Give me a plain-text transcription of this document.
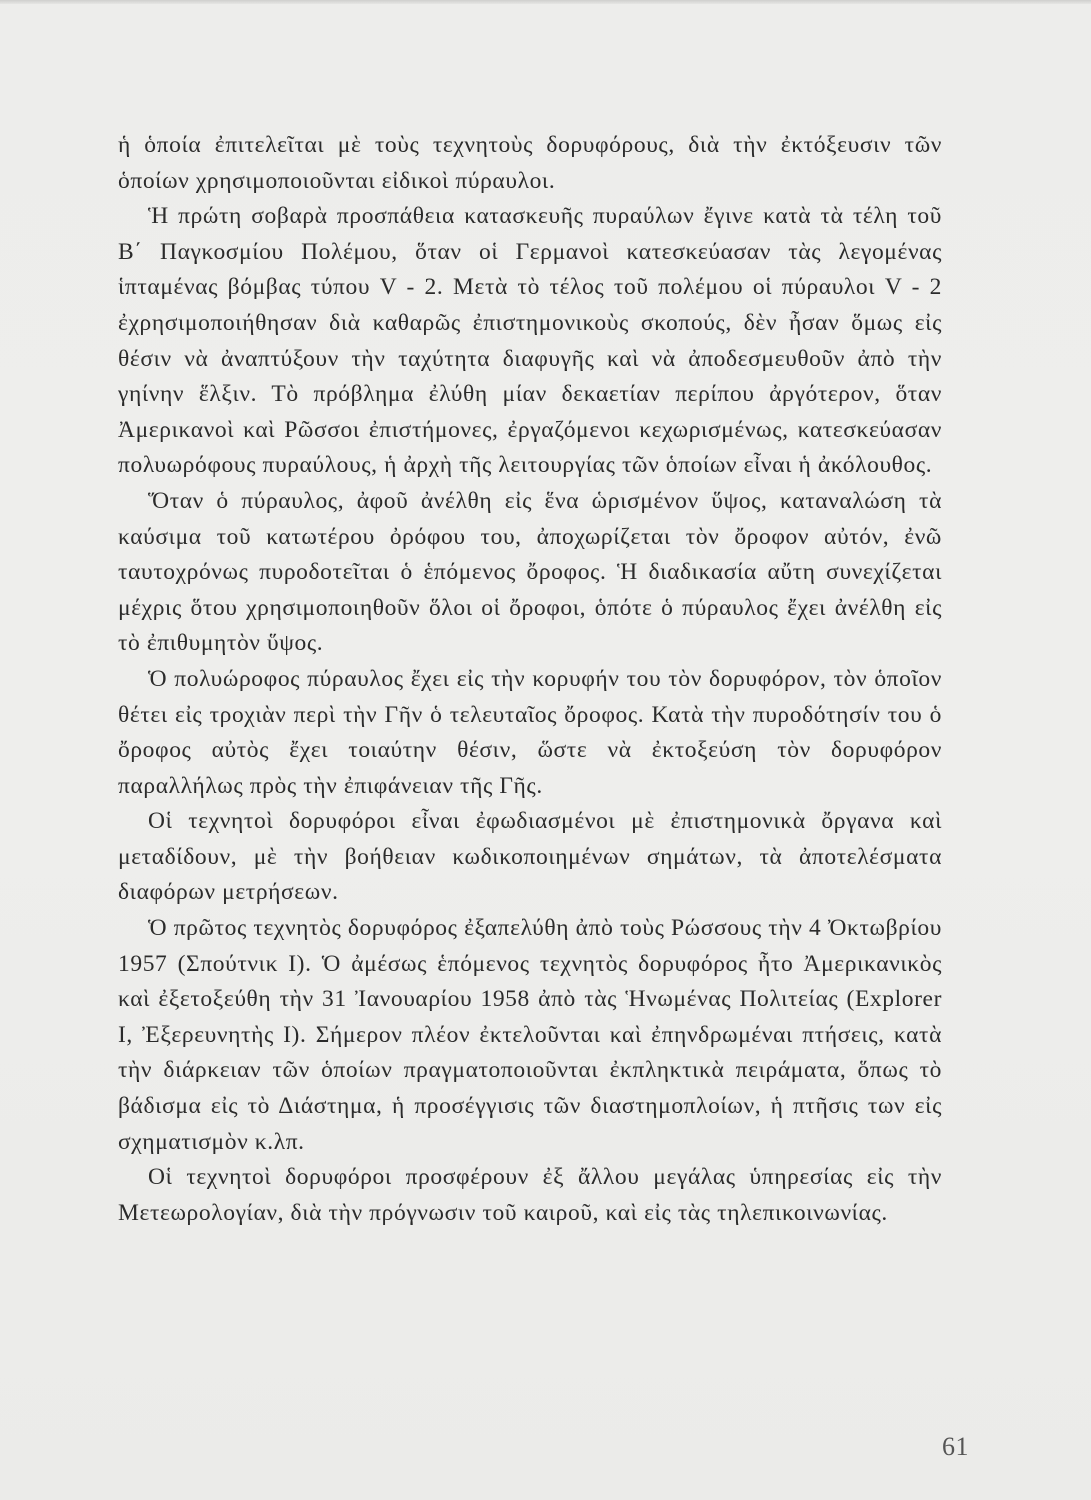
ἡ ὁποία ἐπιτελεῖται μὲ τοὺς τεχνητοὺς δορυφόρους, διὰ τὴν ἐκτόξευσιν τῶν ὁποίων χρησιμοποιοῦνται εἰδικοὶ πύραυλοι.

Ἡ πρώτη σοβαρὰ προσπάθεια κατασκευῆς πυραύλων ἔγινε κατὰ τὰ τέλη τοῦ Β΄ Παγκοσμίου Πολέμου, ὅταν οἱ Γερμανοὶ κατεσκεύασαν τὰς λεγομένας ἱπταμένας βόμβας τύπου V - 2. Μετὰ τὸ τέλος τοῦ πολέμου οἱ πύραυλοι V - 2 ἐχρησιμοποιήθησαν διὰ καθαρῶς ἐπιστημονικοὺς σκοπούς, δὲν ἦσαν ὅμως εἰς θέσιν νὰ ἀναπτύξουν τὴν ταχύτητα διαφυγῆς καὶ νὰ ἀποδεσμευθοῦν ἀπὸ τὴν γηίνην ἕλξιν. Τὸ πρόβλημα ἐλύθη μίαν δεκαετίαν περίπου ἀργότερον, ὅταν Ἀμερικανοὶ καὶ Ρῶσσοι ἐπιστήμονες, ἐργαζόμενοι κεχωρισμένως, κατεσκεύασαν πολυωρόφους πυραύλους, ἡ ἀρχὴ τῆς λειτουργίας τῶν ὁποίων εἶναι ἡ ἀκόλουθος.

Ὅταν ὁ πύραυλος, ἀφοῦ ἀνέλθη εἰς ἕνα ὡρισμένον ὕψος, καταναλώση τὰ καύσιμα τοῦ κατωτέρου ὀρόφου του, ἀποχωρίζεται τὸν ὄροφον αὐτόν, ἐνῶ ταυτοχρόνως πυροδοτεῖται ὁ ἑπόμενος ὄροφος. Ἡ διαδικασία αὔτη συνεχίζεται μέχρις ὅτου χρησιμοποιηθοῦν ὅλοι οἱ ὄροφοι, ὁπότε ὁ πύραυλος ἔχει ἀνέλθη εἰς τὸ ἐπιθυμητὸν ὕψος.

Ὁ πολυώροφος πύραυλος ἔχει εἰς τὴν κορυφήν του τὸν δορυφόρον, τὸν ὁποῖον θέτει εἰς τροχιὰν περὶ τὴν Γῆν ὁ τελευταῖος ὄροφος. Κατὰ τὴν πυροδότησίν του ὁ ὄροφος αὐτὸς ἔχει τοιαύτην θέσιν, ὥστε νὰ ἐκτοξεύση τὸν δορυφόρον παραλλήλως πρὸς τὴν ἐπιφάνειαν τῆς Γῆς.

Οἱ τεχνητοὶ δορυφόροι εἶναι ἐφωδιασμένοι μὲ ἐπιστημονικὰ ὄργανα καὶ μεταδίδουν, μὲ τὴν βοήθειαν κωδικοποιημένων σημάτων, τὰ ἀποτελέσματα διαφόρων μετρήσεων.

Ὁ πρῶτος τεχνητὸς δορυφόρος ἐξαπελύθη ἀπὸ τοὺς Ρώσσους τὴν 4 Ὀκτωβρίου 1957 (Σπούτνικ Ι). Ὁ ἀμέσως ἑπόμενος τεχνητὸς δορυφόρος ἦτο Ἀμερικανικὸς καὶ ἐξετοξεύθη τὴν 31 Ἰανουαρίου 1958 ἀπὸ τὰς Ἡνωμένας Πολιτείας (Explorer Ι, Ἐξερευνητὴς Ι). Σήμερον πλέον ἐκτελοῦνται καὶ ἐπηνδρωμέναι πτήσεις, κατὰ τὴν διάρκειαν τῶν ὁποίων πραγματοποιοῦνται ἐκπληκτικὰ πειράματα, ὅπως τὸ βάδισμα εἰς τὸ Διάστημα, ἡ προσέγγισις τῶν διαστημοπλοίων, ἡ πτῆσις των εἰς σχηματισμὸν κ.λπ.

Οἱ τεχνητοὶ δορυφόροι προσφέρουν ἐξ ἄλλου μεγάλας ὑπηρεσίας εἰς τὴν Μετεωρολογίαν, διὰ τὴν πρόγνωσιν τοῦ καιροῦ, καὶ εἰς τὰς τηλεπικοινωνίας.

61
